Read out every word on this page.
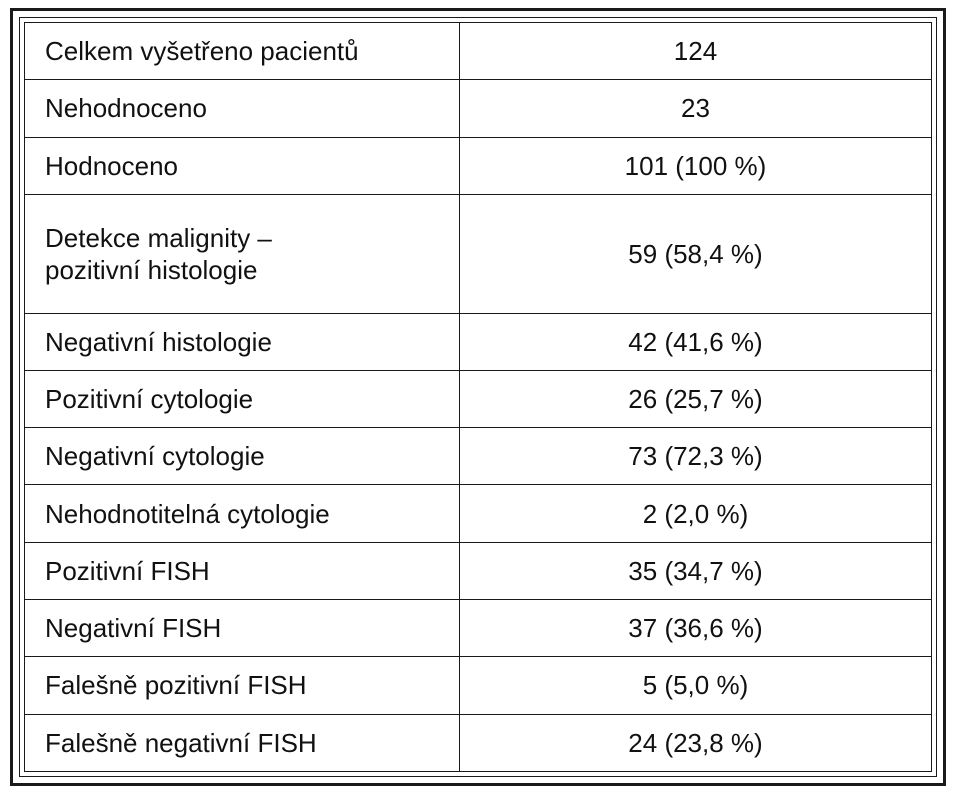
Celkem vyšetřeno pacientů	124

Nehodnoceno	23

Hodnoceno	101 (100 %)

Detekce malignity –
pozitivní histologie	59 (58,4 %)

Negativní histologie	42 (41,6 %)

Pozitivní cytologie	26 (25,7 %)

Negativní cytologie	73 (72,3 %)

Nehodnotitelná cytologie	2 (2,0 %)

Pozitivní FISH	35 (34,7 %)

Negativní FISH	37 (36,6 %)

Falešně pozitivní FISH	5 (5,0 %)

Falešně negativní FISH	24 (23,8 %)
